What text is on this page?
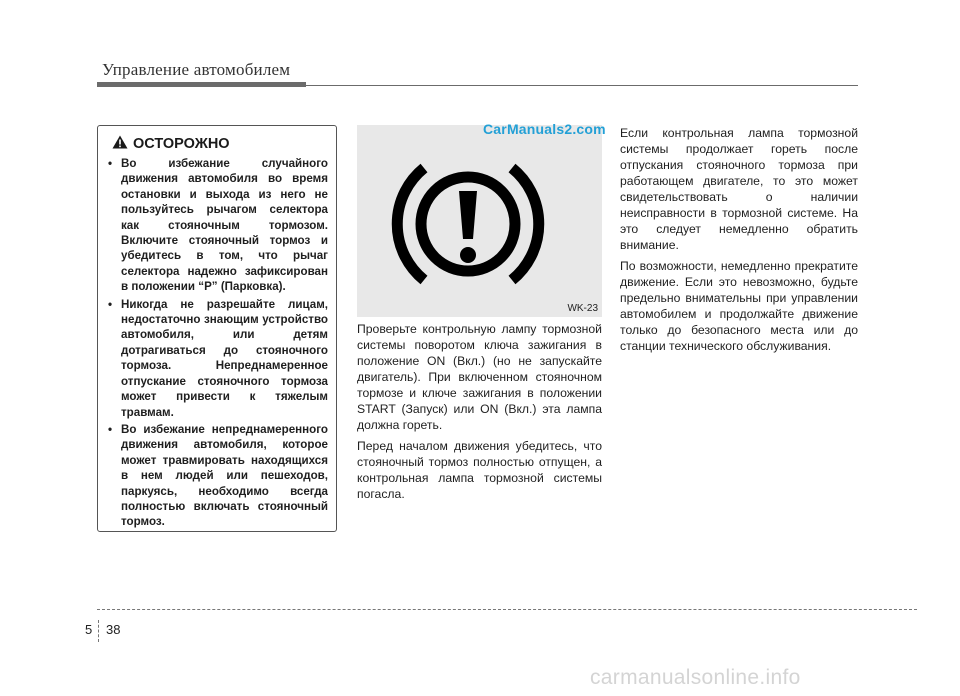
Управление автомобилем
ОСТОРОЖНО
• Во избежание случайного движения автомобиля во время остановки и выхода из него не пользуйтесь рычагом селектора как стояночным тормозом. Включите стояночный тормоз и убедитесь в том, что рычаг селектора надежно зафиксирован в положении “P” (Парковка).
• Никогда не разрешайте лицам, недостаточно знающим устройство автомобиля, или детям дотрагиваться до стояночного тормоза. Непреднамеренное отпускание стояночного тормоза может привести к тяжелым травмам.
• Во избежание непреднамеренного движения автомобиля, которое может травмировать находящихся в нем людей или пешеходов, паркуясь, необходимо всегда полностью включать стояночный тормоз.
WK-23
CarManuals2.com

Проверьте контрольную лампу тормозной системы поворотом ключа зажигания в положение ON (Вкл.) (но не запускайте двигатель). При включенном стояночном тормозе и ключе зажигания в положении START (Запуск) или ON (Вкл.) эта лампа должна гореть.

Перед началом движения убедитесь, что стояночный тормоз полностью отпущен, а контрольная лампа тормозной системы погасла.

Если контрольная лампа тормозной системы продолжает гореть после отпускания стояночного тормоза при работающем двигателе, то это может свидетельствовать о наличии неисправности в тормозной системе. На это следует немедленно обратить внимание.

По возможности, немедленно прекратите движение. Если это невозможно, будьте предельно внимательны при управлении автомобилем и продолжайте движение только до безопасного места или до станции технического обслуживания.

5 38
carmanualsonline.info
